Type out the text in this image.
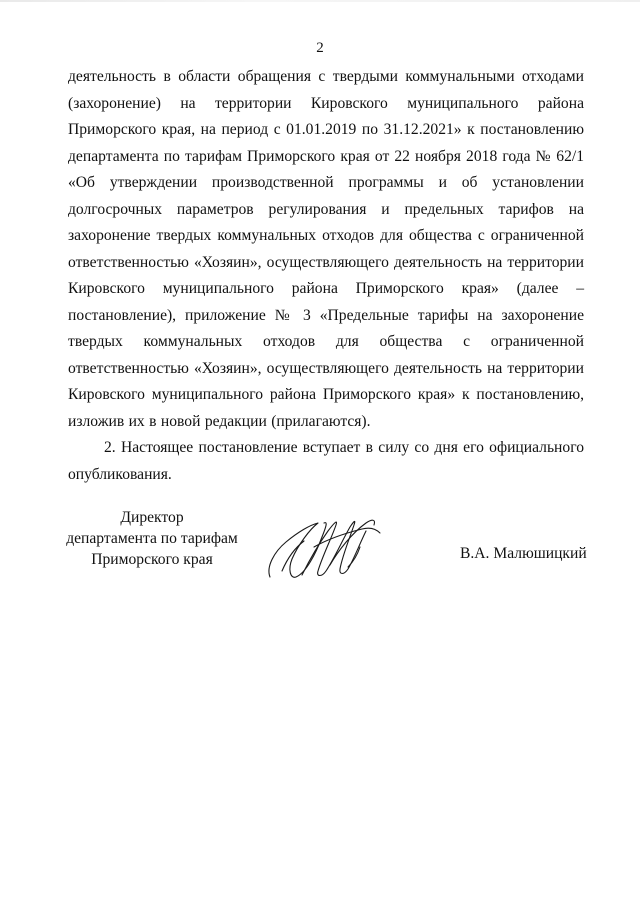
2

деятельность в области обращения с твердыми коммунальными отходами (захоронение) на территории Кировского муниципального района Приморского края, на период с 01.01.2019 по 31.12.2021» к постановлению департамента по тарифам Приморского края от 22 ноября 2018 года № 62/1 «Об утверждении производственной программы и об установлении долгосрочных параметров регулирования и предельных тарифов на захоронение твердых коммунальных отходов для общества с ограниченной ответственностью «Хозяин», осуществляющего деятельность на территории Кировского муниципального района Приморского края» (далее – постановление), приложение № 3 «Предельные тарифы на захоронение твердых коммунальных отходов для общества с ограниченной ответственностью «Хозяин», осуществляющего деятельность на территории Кировского муниципального района Приморского края» к постановлению, изложив их в новой редакции (прилагаются).

2. Настоящее постановление вступает в силу со дня его официального опубликования.

Директор
департамента по тарифам
Приморского края	В.А. Малюшицкий
